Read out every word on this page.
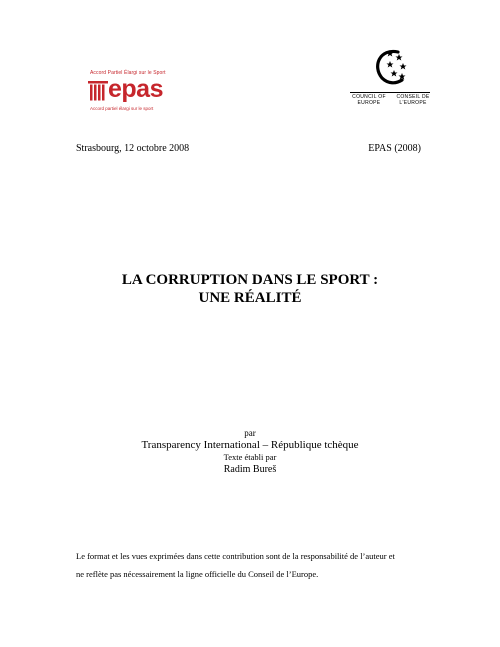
Accord Partiel Élargi sur le Sport
epas
Accord partiel élargi sur le sport
COUNCIL OF EUROPE
CONSEIL DE L'EUROPE
Strasbourg, 12 octobre 2008	EPAS (2008)
LA CORRUPTION DANS LE SPORT :
UNE RÉALITÉ
par
Transparency International – République tchèque
Texte établi par
Radim Bureš
Le format et les vues exprimées dans cette contribution sont de la responsabilité de l’auteur et
ne reflète pas nécessairement la ligne officielle du Conseil de l’Europe.
